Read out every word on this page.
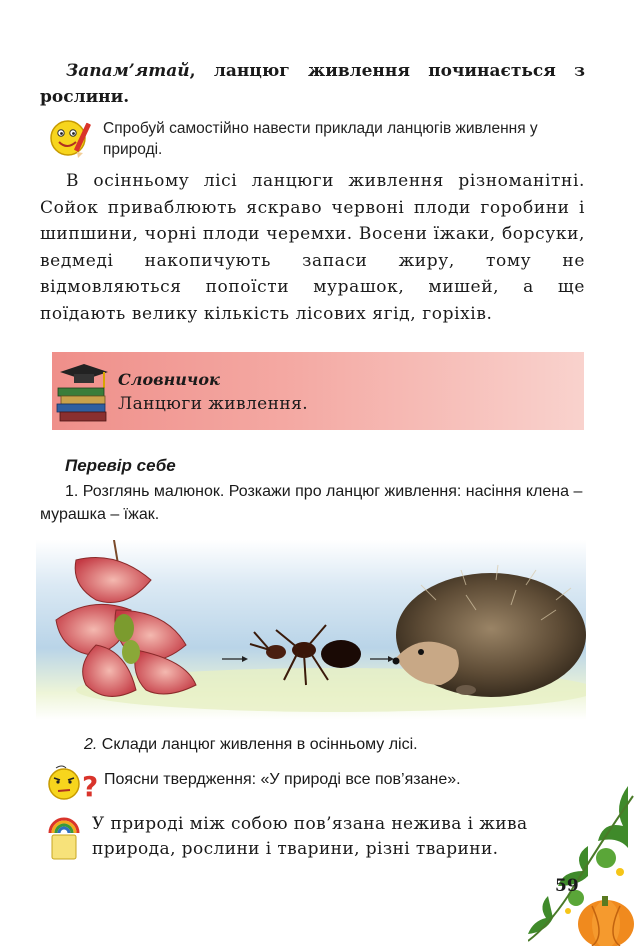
Запам’ятай, ланцюг живлення починається з рослини.
Спробуй самостійно навести приклади ланцюгів живлення у природі.
В осінньому лісі ланцюги живлення різноманітні. Сойок приваблюють яскраво червоні плоди горобини і шипшини, чорні плоди черемхи. Восени їжаки, борсуки, ведмеді накопичують запаси жиру, тому не відмовляються попоїсти мурашок, мишей, а ще поїдають велику кількість лісових ягід, горіхів.
Словничок
Ланцюги живлення.
Перевір себе
1. Розглянь малюнок. Розкажи про ланцюг живлення: насіння клена – мурашка – їжак.
2. Склади ланцюг живлення в осінньому лісі.
? Поясни твердження: «У природі все пов’язане».
У природі між собою пов’язана нежива і жива природа, рослини і тварини, різні тварини.
59
